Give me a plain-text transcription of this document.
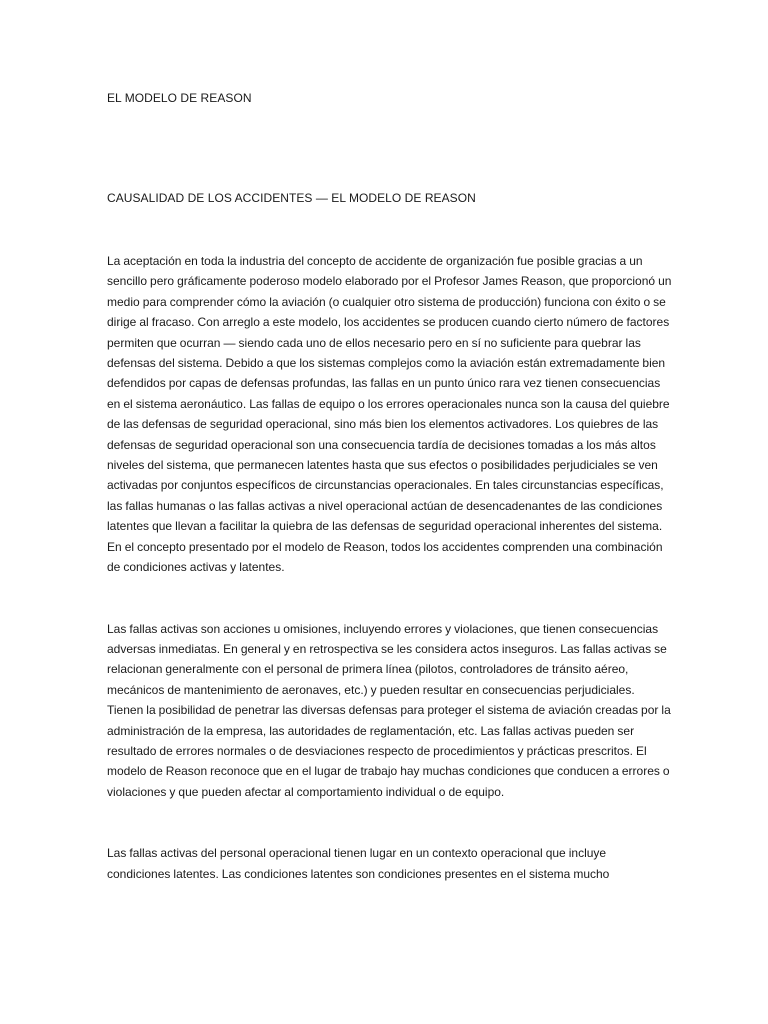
EL MODELO DE REASON
CAUSALIDAD DE LOS ACCIDENTES — EL MODELO DE REASON

La aceptación en toda la industria del concepto de accidente de organización fue posible gracias a un sencillo pero gráficamente poderoso modelo elaborado por el Profesor James Reason, que proporcionó un medio para comprender cómo la aviación (o cualquier otro sistema de producción) funciona con éxito o se dirige al fracaso. Con arreglo a este modelo, los accidentes se producen cuando cierto número de factores permiten que ocurran — siendo cada uno de ellos necesario pero en sí no suficiente para quebrar las defensas del sistema. Debido a que los sistemas complejos como la aviación están extremadamente bien defendidos por capas de defensas profundas, las fallas en un punto único rara vez tienen consecuencias en el sistema aeronáutico. Las fallas de equipo o los errores operacionales nunca son la causa del quiebre de las defensas de seguridad operacional, sino más bien los elementos activadores. Los quiebres de las defensas de seguridad operacional son una consecuencia tardía de decisiones tomadas a los más altos niveles del sistema, que permanecen latentes hasta que sus efectos o posibilidades perjudiciales se ven activadas por conjuntos específicos de circunstancias operacionales. En tales circunstancias específicas, las fallas humanas o las fallas activas a nivel operacional actúan de desencadenantes de las condiciones latentes que llevan a facilitar la quiebra de las defensas de seguridad operacional inherentes del sistema. En el concepto presentado por el modelo de Reason, todos los accidentes comprenden una combinación de condiciones activas y latentes.

Las fallas activas son acciones u omisiones, incluyendo errores y violaciones, que tienen consecuencias adversas inmediatas. En general y en retrospectiva se les considera actos inseguros. Las fallas activas se relacionan generalmente con el personal de primera línea (pilotos, controladores de tránsito aéreo, mecánicos de mantenimiento de aeronaves, etc.) y pueden resultar en consecuencias perjudiciales. Tienen la posibilidad de penetrar las diversas defensas para proteger el sistema de aviación creadas por la administración de la empresa, las autoridades de reglamentación, etc. Las fallas activas pueden ser resultado de errores normales o de desviaciones respecto de procedimientos y prácticas prescritos. El modelo de Reason reconoce que en el lugar de trabajo hay muchas condiciones que conducen a errores o violaciones y que pueden afectar al comportamiento individual o de equipo.

Las fallas activas del personal operacional tienen lugar en un contexto operacional que incluye condiciones latentes. Las condiciones latentes son condiciones presentes en el sistema mucho
